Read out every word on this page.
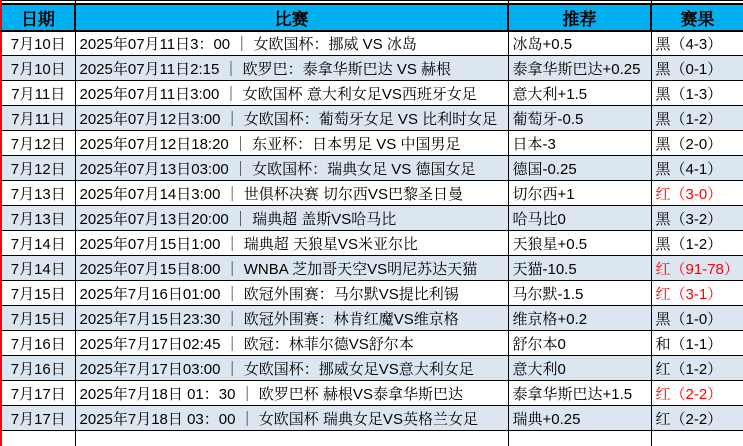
日期	比赛	推荐	赛果
7月10日	2025年07月11日3：00 ｜ 女欧国杯：挪威 VS 冰岛	冰岛+0.5	黑（4-3）
7月10日	2025年07月11日2:15 ｜ 欧罗巴：泰拿华斯巴达 VS 赫根	泰拿华斯巴达+0.25	黑（0-1）
7月11日	2025年07月11日3:00 ｜ 女欧国杯 意大利女足VS西班牙女足	意大利+1.5	黑（1-3）
7月11日	2025年07月12日3:00 ｜ 女欧国杯：葡萄牙女足 VS 比利时女足	葡萄牙-0.5	黑（1-2）
7月12日	2025年07月12日18:20 ｜ 东亚杯：日本男足 VS 中国男足	日本-3	黑（2-0）
7月12日	2025年07月13日03:00 ｜ 女欧国杯：瑞典女足 VS 德国女足	德国-0.25	黑（4-1）
7月13日	2025年07月14日3:00 ｜ 世俱杯决赛 切尔西VS巴黎圣日曼	切尔西+1	红（3-0）
7月13日	2025年07月13日20:00 ｜ 瑞典超 盖斯VS哈马比	哈马比0	黑（3-2）
7月14日	2025年07月15日1:00 ｜ 瑞典超 天狼星VS米亚尔比	天狼星+0.5	黑（1-2）
7月14日	2025年07月15日8:00 ｜ WNBA 芝加哥天空VS明尼苏达天猫	天猫-10.5	红（91-78）
7月15日	2025年7月16日01:00 ｜ 欧冠外围赛：马尔默VS提比利锡	马尔默-1.5	红（3-1）
7月15日	2025年7月15日23:30 ｜ 欧冠外围赛：林肯红魔VS维京格	维京格+0.2	黑（1-0）
7月16日	2025年7月17日02:45 ｜ 欧冠：林菲尔德VS舒尔本	舒尔本0	和（1-1）
7月16日	2025年7月17日03:00 ｜ 女欧国杯：挪威女足VS意大利女足	意大利0	红（1-2）
7月17日	2025年7月18日 01：30 ｜ 欧罗巴杯 赫根VS泰拿华斯巴达	泰拿华斯巴达+1.5	红（2-2）
7月17日	2025年7月18日 03：00 ｜ 女欧国杯 瑞典女足VS英格兰女足	瑞典+0.25	红（2-2）
